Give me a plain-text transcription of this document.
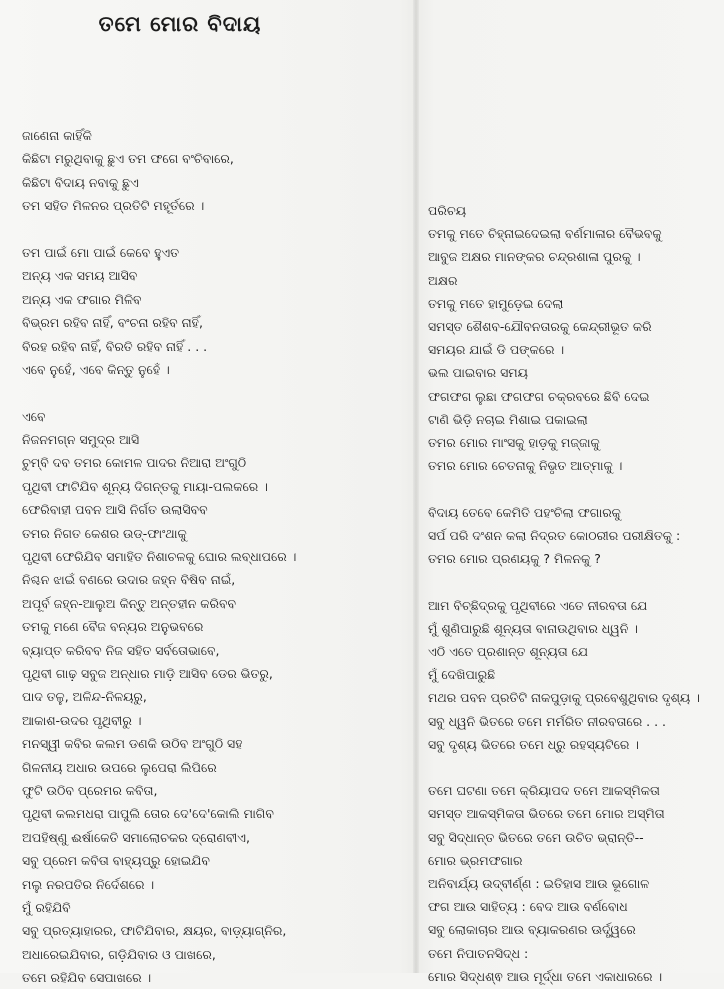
ତମେ ମୋର ବିଦାୟ
ଜାଣେନା କାହିଁକି
କିଛିଟା ମରୁଥିବାକୁ ଛୁଏ ତମ ଫଗେ ବଂଚିବାରେ,
କିଛିଟା ବିଦାୟ ନବାକୁ ଛୁଏ
ତମ ସହିତ ମିଳନର ପ୍ରତିଟି ମହୂର୍ତରେ ।
ତମ ପାଇଁ ମୋ ପାଇଁ କେବେ ହୁଏତ
ଅନ୍ୟ ଏକ ସମୟ ଆସିବ
ଅନ୍ୟ ଏକ ଫଗାର ମିଳିବ
ବିଭ୍ରମ ରହିବ ନାହିଁ, ବଂଚନା ରହିବ ନାହିଁ,
ବିରହ ରହିବ ନାହିଁ, ବିରତି ରହିବ ନାହିଁ . . .
ଏବେ ନୁହେଁ, ଏବେ କିନ୍ତୁ ନୁହେଁ ।
ଏବେ
ନିଜନମଗ୍ନ ସମୁଦ୍ର ଆସି
ଚୁମ୍ବି ଦବ ତମର କୋମଳ ପାଦର ନିଆରା ଅଂଗୁଠି
ପୃଥିବୀ ଫାଟିଯିବ ଶୂନ୍ୟ ଦିଗନ୍ତକୁ ମାୟା-ପଲକରେ ।
ଫେରିବାହୀ ପବନ ଆସି ନିର୍ଗତ ଉଲାସିବବ
ତମର ନିଗତ କେଶର ଉଡ୍-ଫାଂଥାକୁ
ପୃଥିବୀ ଫେରିଯିବ ସମାହିତ ନିଶାଚଳକୁ ଘୋର ଲବ୍ଧାପରେ ।
ନିଶ୍ଚନ ଝାଇଁ ବଣରେ ଉଦାର ଜହ୍ନ ବିଷିବ ନାଇଁ,
ଅପୂର୍ବ ଜହ୍ନ-ଆଲୁଅ କିନ୍ତୁ ଅନ୍ତହୀନ କରିବବ
ତମକୁ ମଣେ ବୈଜ ବନ୍ୟର ଅନୁଭବରେ
ବ୍ୟାପ୍ତ କରିବବ ନିଜ ସହିତ ସର୍ବତୋଭାବେ,
ପୃଥିବୀ ଗାଢ଼ ସବୁଜ ଅନ୍ଧାର ମାଡ଼ି ଆସିବ ଡେର ଭିତରୁ,
ପାଦ ତଳୁ, ଅଳିନ୍ଦ-ନିଳୟରୁ,
ଆକାଶ-ଉଦର ପୃଥିବୀରୁ ।
ମନସ୍ୱୀ କବିର କଲମ ଡଣକି ଉଠିବ ଅଂଗୁଠି ସହ
ଗିଳନୀୟ ଅଧାର ଉପରେ ଲୁପେରା ଲିପିରେ
ଫୁଟି ଉଠିବ ପ୍ରେମର କବିତା,
ପୃଥିବୀ କଲମଧରା ପାପୁଲି ତୋର ଦେ'ଦେ'କୋଲି ମାଗିବ
ଅପହିଷ୍ଣୁ ଈର୍ଷାକେତି ସମାଲୋଚକର ଦ୍ରୋଣବୀଏ,
ସବୁ ପ୍ରେମ କବିତା ବାହ୍ୟପ୍ରୁ ହୋଇଯିବ
ମଲୁ ନରପତିର ନିର୍ଦେଶରେ ।
ମୁଁ ରହିଯିବି
ସବୁ ପ୍ରତ୍ୟାହାରର, ଫାଟିଯିବାର, କ୍ଷୟର, ବାଡ଼୍ୟାଗ୍ନିର,
ଅଧାରେଇଯିବାର, ଗଡ଼ିଯିବାର ଓ ପାଖରେ,
ତମେ ରହିଯିବ ସେପାଖରେ ।
ପରିଚୟ
ତମକୁ ମତେ ଚିହ୍ନାଇଦେଇଲା ବର୍ଣମାଳାର ବୈଭବକୁ
ଆବୁଜ ଅକ୍ଷର ମାନଙ୍କର ଚନ୍ଦ୍ରଶାଳା ପୁରକୁ ।
ଅକ୍ଷର
ତମକୁ ମତେ ହାମୁଡ଼େଇ ଦେଲା
ସମସ୍ତ ଶୈଶବ-ଯୌବନତାରକୁ କେନ୍ଦ୍ରୀଭୂତ କରି
ସମୟର ଯାଇଁ ଡି ପଙ୍କରେ ।
ଭଲ ପାଇବାର ସମୟ
ଫଗଫଗ ଲୁଛା ଫଗଫଗ ଚକ୍ରବରେ ଛିବି ଦେଇ
ଟାଣି ଭିଡ଼ି ନଚାଇ ମିଶାଇ ପକାଇଲା
ତମର ମୋର ମାଂସକୁ ହାଡ଼କୁ ମଜ୍ଜାକୁ
ତମର ମୋର ଚେତନାକୁ ନିଭୃତ ଆତ୍ମାକୁ ।
ବିଦାୟ ତେବେ କେମିତି ପହଂଚିଲା ଫଗାରକୁ
ସର୍ପ ପରି ଦଂଶନ କଲା ନିଦ୍ରତ କୋଠରୀର ପରୀକ୍ଷିତକୁ :
ତମର ମୋର ପ୍ରଣୟକୁ ? ମିଳନକୁ ?
ଆମ ବିଚ୍ଛିଦ୍ରକୁ ପୃଥିବୀରେ ଏତେ ନୀରବତା ଯେ
ମୁଁ ଶୁଣିପାରୁଛି ଶୂନ୍ୟତା ବାନାଉଥିବାର ଧ୍ୱନି ।
ଏଠି ଏତେ ପ୍ରଶାନ୍ତ ଶୂନ୍ୟତା ଯେ
ମୁଁ ଦେଖିପାରୁଛି
ମଥର ପବନ ପ୍ରତିଟି ନାକପୁଡ଼ାକୁ ପ୍ରବେଶୁଥିବାର ଦୃଶ୍ୟ ।
ସବୁ ଧ୍ୱନି ଭିତରେ ତମେ ମର୍ମରିତ ନୀରବତାରେ . . .
ସବୁ ଦୃଶ୍ୟ ଭିତରେ ତମେ ଧ୍ରୁ ରହସ୍ୟଟିରେ ।
ତମେ ଘଟଣା ତମେ କ୍ରିୟାପଦ ତମେ ଆକସ୍ମିକତା
ସମସ୍ତ ଆକସ୍ମିକତା ଭିତରେ ତମେ ମୋର ଅସ୍ମିତା
ସବୁ ସିଦ୍ଧାନ୍ତ ଭିତରେ ତମେ ଉଚିତ ଭ୍ରାନ୍ତି--
ମୋର ଭ୍ରମଫଗାର
ଅନିବାର୍ଯ୍ୟ ଉଦ୍‌ବୀର୍ଣ୍ଣ : ଇତିହାସ ଆଉ ଭୂଗୋଳ
ଫଗ ଆଉ ସାହିତ୍ୟ : ବେଦ ଆଉ ବର୍ଣବୋଧ
ସବୁ ଲୋକାଚାର ଆଉ ବ୍ୟାକରଣର ଊର୍ଦ୍ଧ୍ୱରେ
ତମେ ନିପାତନସିଦ୍ଧ :
ମୋର ସିଦ୍ଧଶ୍ଵ ଆଉ ମୂର୍ଦ୍ଧା ତମେ ଏକାଧାରରେ ।
